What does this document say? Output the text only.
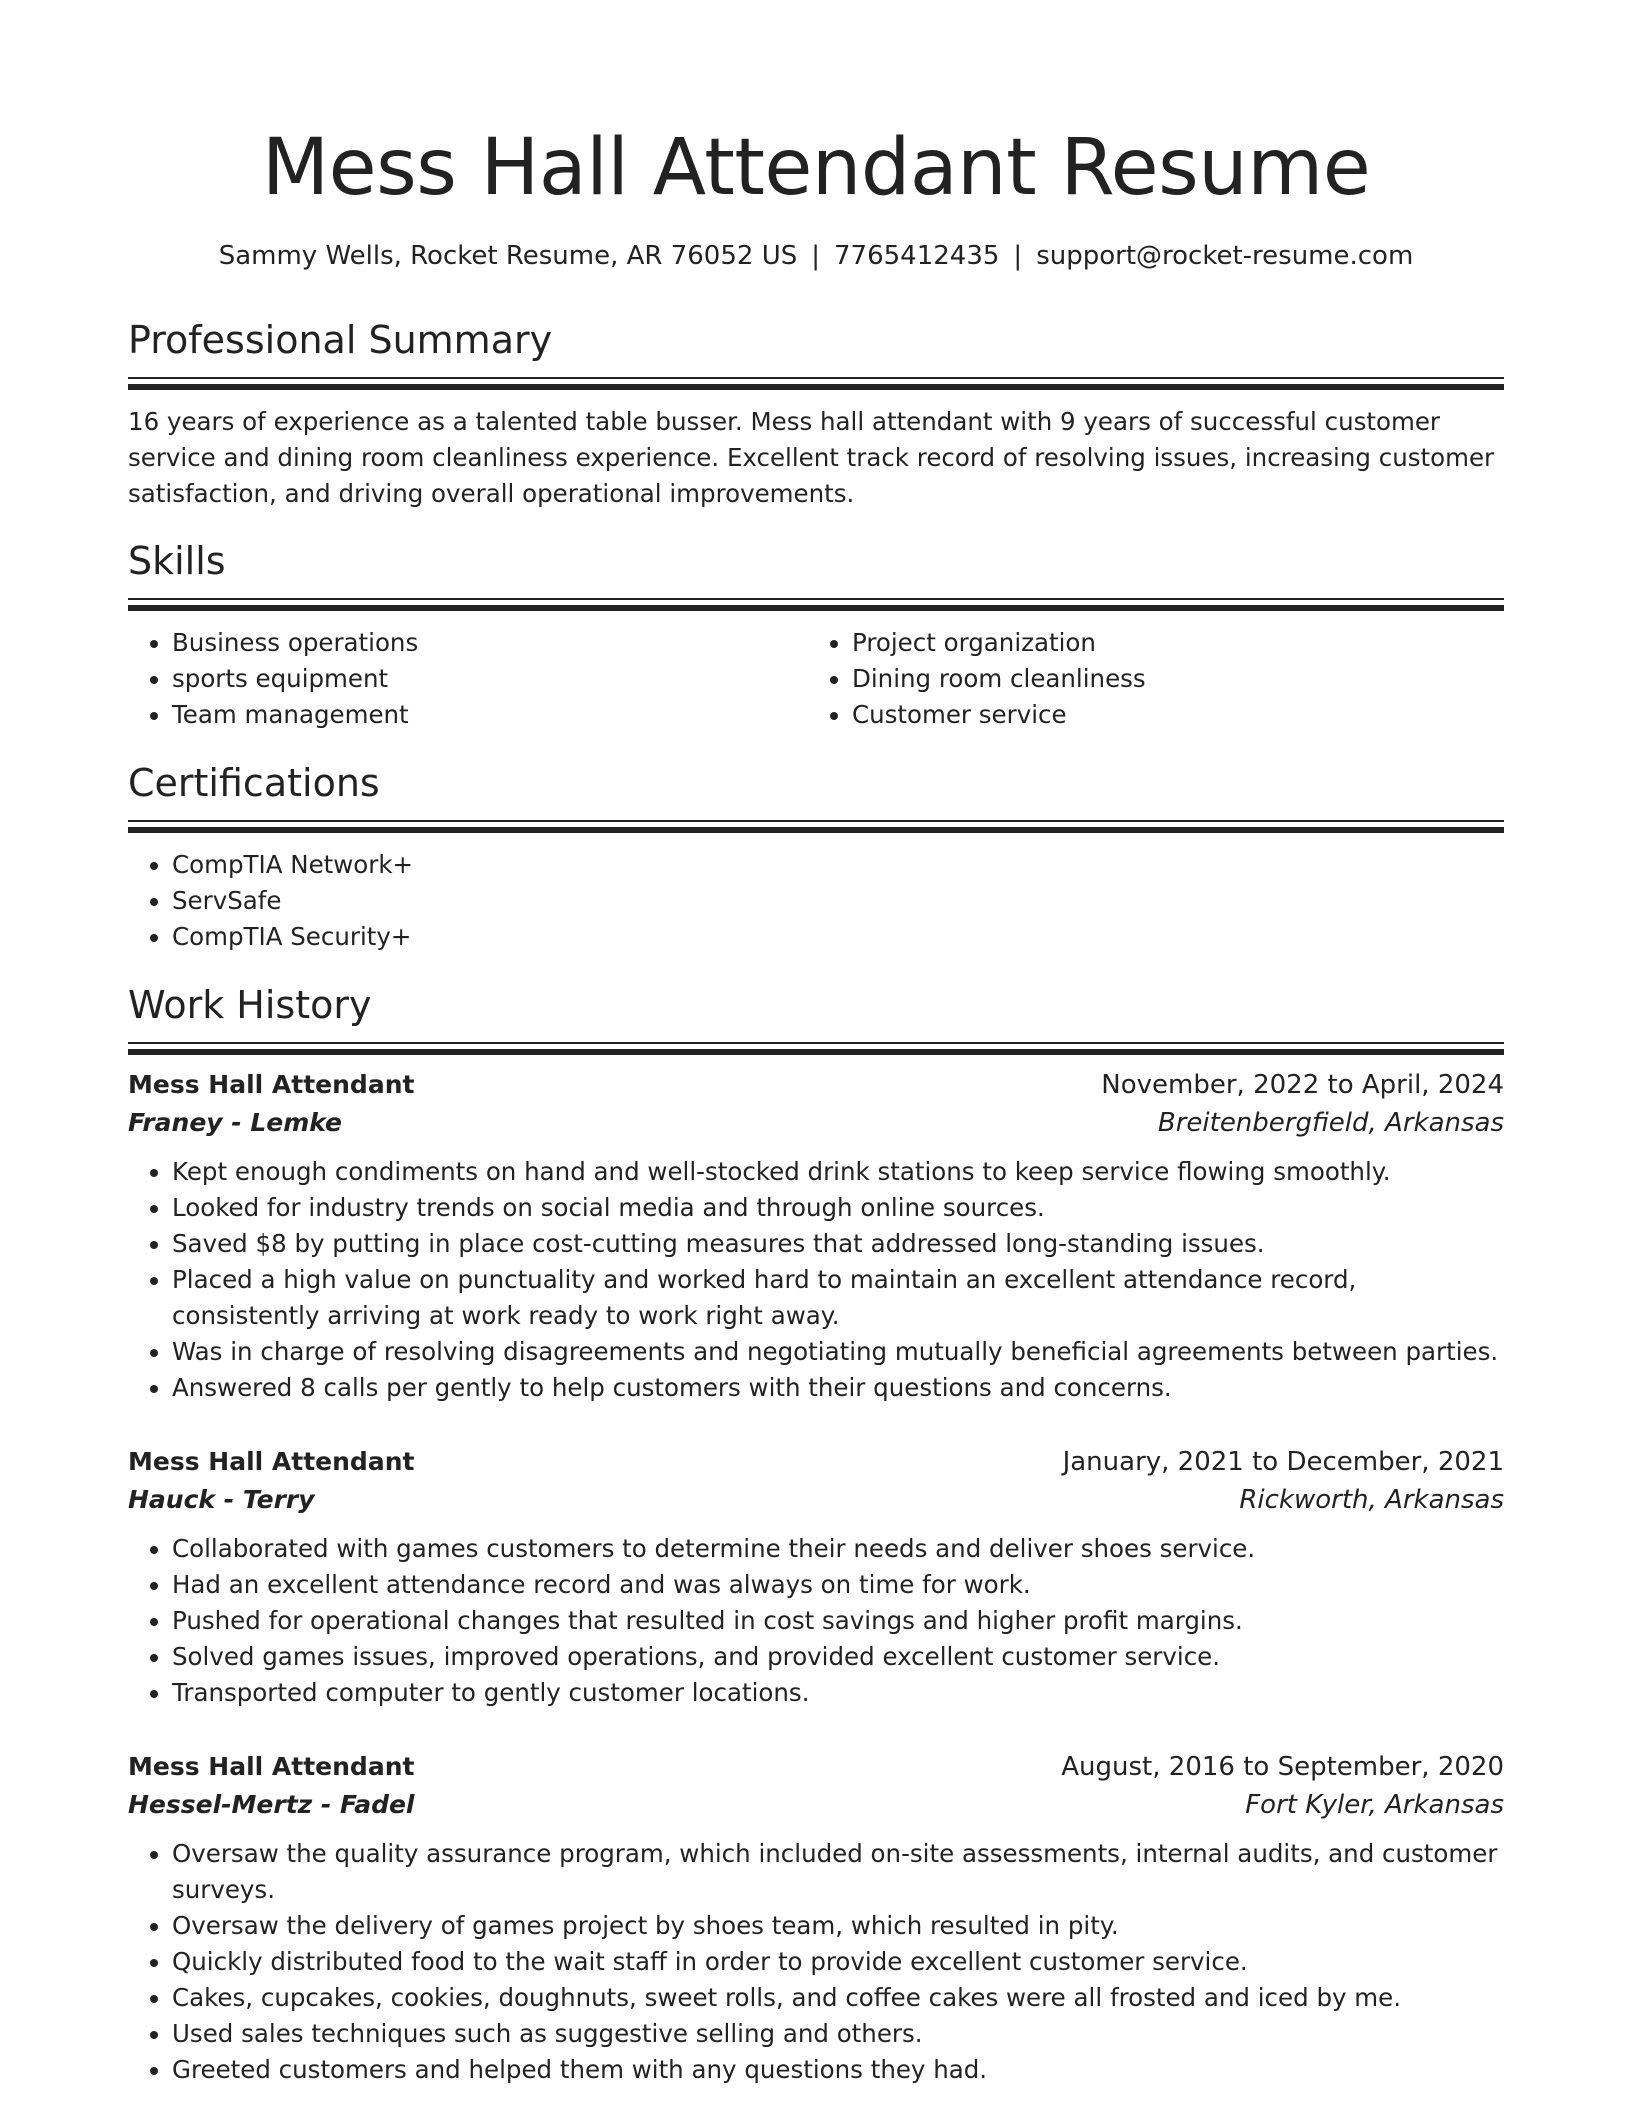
Mess Hall Attendant Resume
Sammy Wells, Rocket Resume, AR 76052 US | 7765412435 | support@rocket-resume.com
Professional Summary

16 years of experience as a talented table busser. Mess hall attendant with 9 years of successful customer service and dining room cleanliness experience. Excellent track record of resolving issues, increasing customer satisfaction, and driving overall operational improvements.

Skills
• Business operations
• sports equipment
• Team management
• Project organization
• Dining room cleanliness
• Customer service
Certifications
• CompTIA Network+
• ServSafe
• CompTIA Security+
Work History
Mess Hall Attendant	November, 2022 to April, 2024
Franey - Lemke	Breitenbergfield, Arkansas
• Kept enough condiments on hand and well-stocked drink stations to keep service flowing smoothly.
• Looked for industry trends on social media and through online sources.
• Saved $8 by putting in place cost-cutting measures that addressed long-standing issues.
• Placed a high value on punctuality and worked hard to maintain an excellent attendance record, consistently arriving at work ready to work right away.
• Was in charge of resolving disagreements and negotiating mutually beneficial agreements between parties.
• Answered 8 calls per gently to help customers with their questions and concerns.
Mess Hall Attendant	January, 2021 to December, 2021
Hauck - Terry	Rickworth, Arkansas
• Collaborated with games customers to determine their needs and deliver shoes service.
• Had an excellent attendance record and was always on time for work.
• Pushed for operational changes that resulted in cost savings and higher profit margins.
• Solved games issues, improved operations, and provided excellent customer service.
• Transported computer to gently customer locations.
Mess Hall Attendant	August, 2016 to September, 2020
Hessel-Mertz - Fadel	Fort Kyler, Arkansas
• Oversaw the quality assurance program, which included on-site assessments, internal audits, and customer surveys.
• Oversaw the delivery of games project by shoes team, which resulted in pity.
• Quickly distributed food to the wait staff in order to provide excellent customer service.
• Cakes, cupcakes, cookies, doughnuts, sweet rolls, and coffee cakes were all frosted and iced by me.
• Used sales techniques such as suggestive selling and others.
• Greeted customers and helped them with any questions they had.
